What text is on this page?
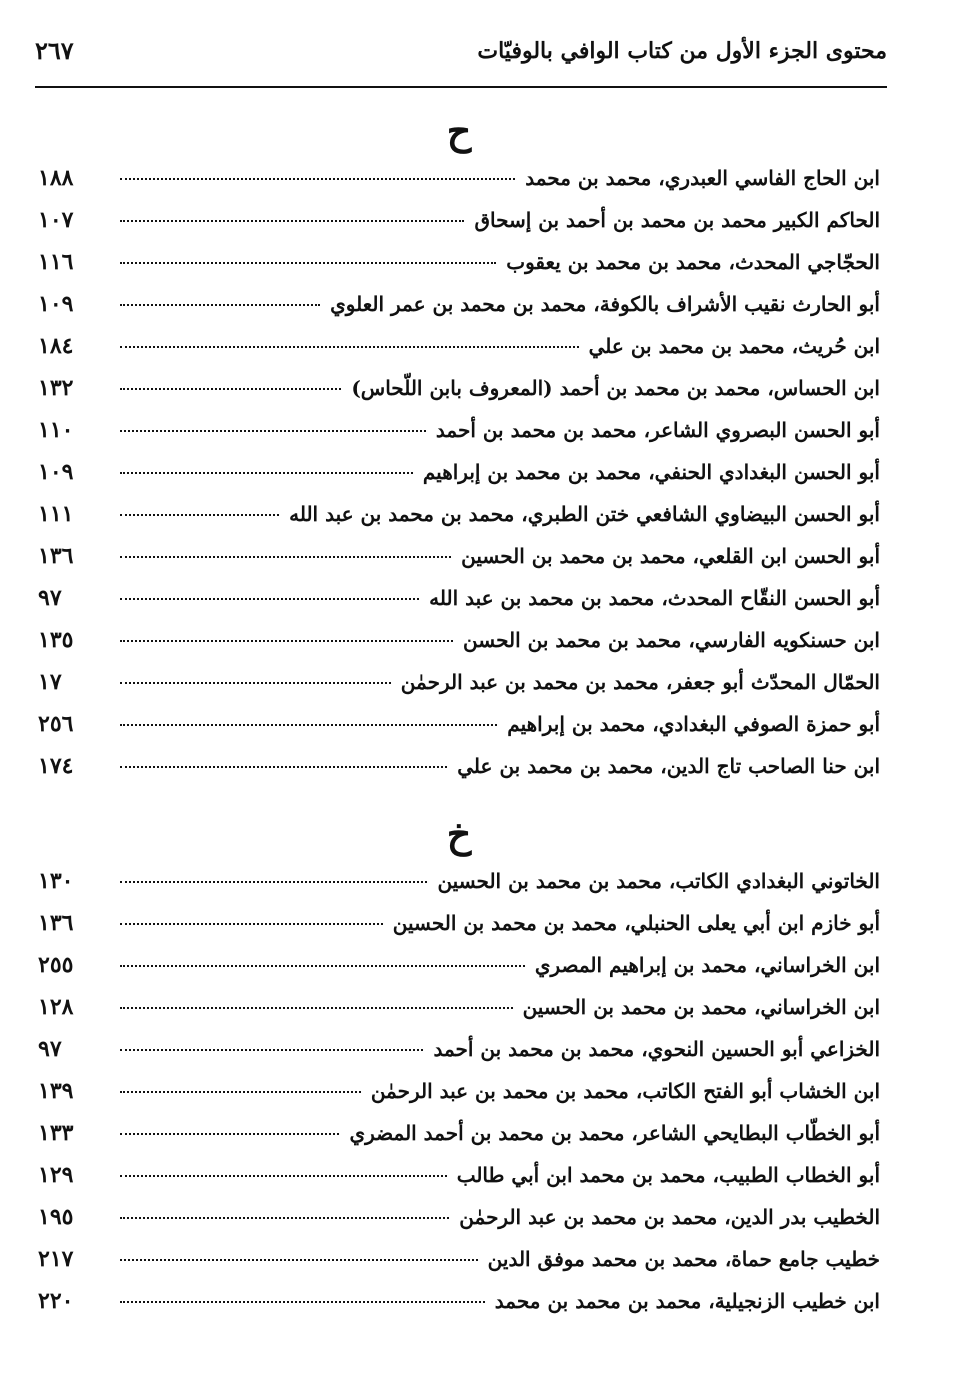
محتوى الجزء الأول من كتاب الوافي بالوفيّات
٢٦٧
ح
ابن الحاج الفاسي العبدري، محمد بن محمد
١٨٨
الحاكم الكبير محمد بن محمد بن أحمد بن إسحاق
١٠٧
الحجّاجي المحدث، محمد بن محمد بن يعقوب
١١٦
أبو الحارث نقيب الأشراف بالكوفة، محمد بن محمد بن عمر العلوي
١٠٩
ابن حُريث، محمد بن محمد بن علي
١٨٤
ابن الحساس، محمد بن محمد بن أحمد (المعروف بابن اللّحاس)
١٣٢
أبو الحسن البصروي الشاعر، محمد بن محمد بن أحمد
١١٠
أبو الحسن البغدادي الحنفي، محمد بن محمد بن إبراهيم
١٠٩
أبو الحسن البيضاوي الشافعي ختن الطبري، محمد بن محمد بن عبد الله
١١١
أبو الحسن ابن القلعي، محمد بن محمد بن الحسين
١٣٦
أبو الحسن النقّاح المحدث، محمد بن محمد بن عبد الله
٩٧
ابن حسنكويه الفارسي، محمد بن محمد بن الحسن
١٣٥
الحمّال المحدّث أبو جعفر، محمد بن محمد بن عبد الرحمٰن
١٧
أبو حمزة الصوفي البغدادي، محمد بن إبراهيم
٢٥٦
ابن حنا الصاحب تاج الدين، محمد بن محمد بن علي
١٧٤
خ
الخاتوني البغدادي الكاتب، محمد بن محمد بن الحسين
١٣٠
أبو خازم ابن أبي يعلى الحنبلي، محمد بن محمد بن الحسين
١٣٦
ابن الخراساني، محمد بن إبراهيم المصري
٢٥٥
ابن الخراساني، محمد بن محمد بن الحسين
١٢٨
الخزاعي أبو الحسين النحوي، محمد بن محمد بن أحمد
٩٧
ابن الخشاب أبو الفتح الكاتب، محمد بن محمد بن عبد الرحمٰن
١٣٩
أبو الخطّاب البطايحي الشاعر، محمد بن محمد بن أحمد المضري
١٣٣
أبو الخطاب الطبيب، محمد بن محمد ابن أبي طالب
١٢٩
الخطيب بدر الدين، محمد بن محمد بن عبد الرحمٰن
١٩٥
خطيب جامع حماة، محمد بن محمد موفق الدين
٢١٧
ابن خطيب الزنجيلية، محمد بن محمد بن محمد
٢٢٠
